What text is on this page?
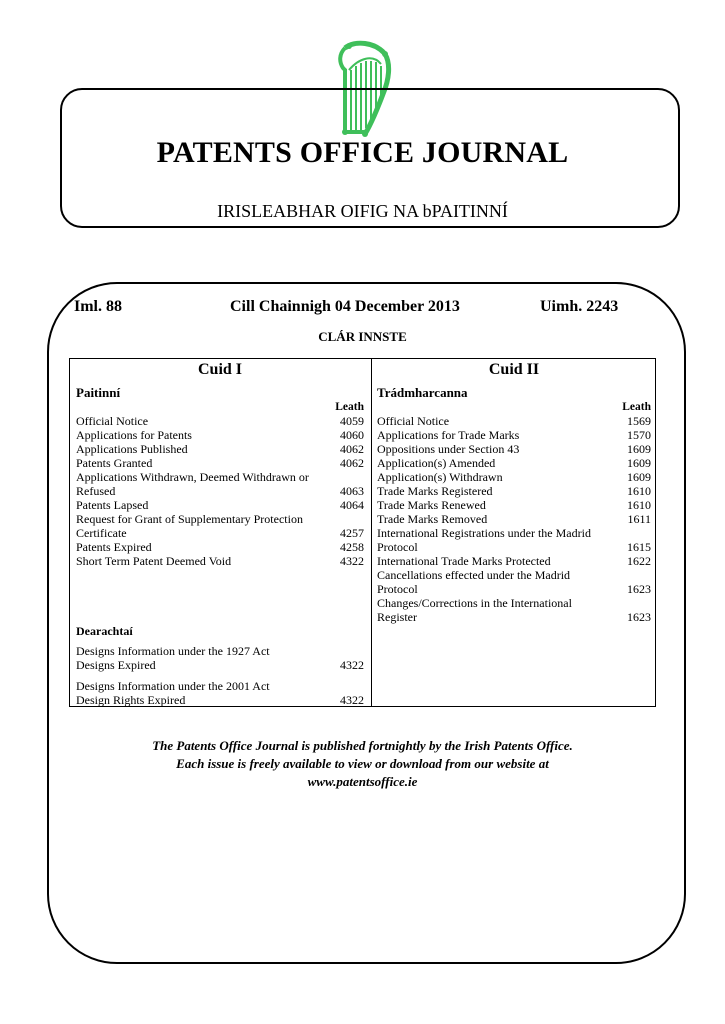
PATENTS OFFICE JOURNAL
IRISLEABHAR OIFIG NA bPAITINNÍ
Iml. 88	Cill Chainnigh 04 December 2013	Uimh. 2243
CLÁR INNSTE
Cuid I
Paitinní
Leath
Official Notice	4059
Applications for Patents	4060
Applications Published	4062
Patents Granted	4062
Applications Withdrawn, Deemed Withdrawn or Refused	4063
Patents Lapsed	4064
Request for Grant of Supplementary Protection Certificate	4257
Patents Expired	4258
Short Term Patent Deemed Void	4322
Dearachtaí
Designs Information under the 1927 Act
Designs Expired	4322
Designs Information under the 2001 Act
Design Rights Expired	4322
Cuid II
Trádmharcanna
Leath
Official Notice	1569
Applications for Trade Marks	1570
Oppositions under Section 43	1609
Application(s) Amended	1609
Application(s) Withdrawn	1609
Trade Marks Registered	1610
Trade Marks Renewed	1610
Trade Marks Removed	1611
International Registrations under the Madrid Protocol	1615
International Trade Marks Protected	1622
Cancellations effected under the Madrid Protocol	1623
Changes/Corrections in the International Register	1623
The Patents Office Journal is published fortnightly by the Irish Patents Office.
Each issue is freely available to view or download from our website at
www.patentsoffice.ie
